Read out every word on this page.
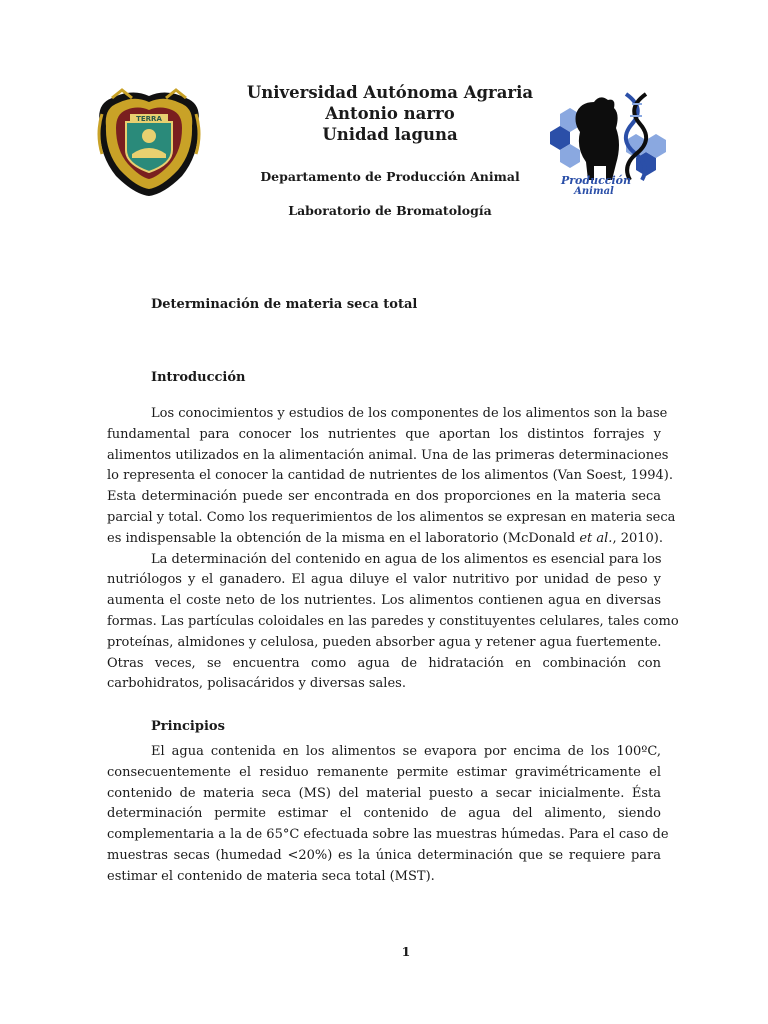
TERRA
Universidad Autónoma Agraria
Antonio narro
Unidad laguna
Departamento de Producción Animal
Laboratorio de Bromatología
Producción
Animal
Determinación de materia seca total
Introducción
Los conocimientos y estudios de los componentes de los alimentos son la base
fundamental para conocer los nutrientes que aportan los distintos forrajes y
alimentos utilizados en la alimentación animal. Una de las primeras determinaciones
lo representa el conocer la cantidad de nutrientes de los alimentos (Van Soest, 1994).
Esta determinación puede ser encontrada en dos proporciones en la materia seca
parcial y total. Como los requerimientos de los alimentos se expresan en materia seca
es indispensable la obtención de la misma en el laboratorio (McDonald et al., 2010).
La determinación del contenido en agua de los alimentos es esencial para los
nutriólogos y el ganadero. El agua diluye el valor nutritivo por unidad de peso y
aumenta el coste neto de los nutrientes. Los alimentos contienen agua en diversas
formas. Las partículas coloidales en las paredes y constituyentes celulares, tales como
proteínas, almidones y celulosa, pueden absorber agua y retener agua fuertemente.
Otras veces, se encuentra como agua de hidratación en combinación con
carbohidratos, polisacáridos y diversas sales.
Principios
El agua contenida en los alimentos se evapora por encima de los 100ºC,
consecuentemente el residuo remanente permite estimar gravimétricamente el
contenido de materia seca (MS) del material puesto a secar inicialmente. Ésta
determinación permite estimar el contenido de agua del alimento, siendo
complementaria a la de 65°C efectuada sobre las muestras húmedas. Para el caso de
muestras secas (humedad <20%) es la única determinación que se requiere para
estimar el contenido de materia seca total (MST).
1
